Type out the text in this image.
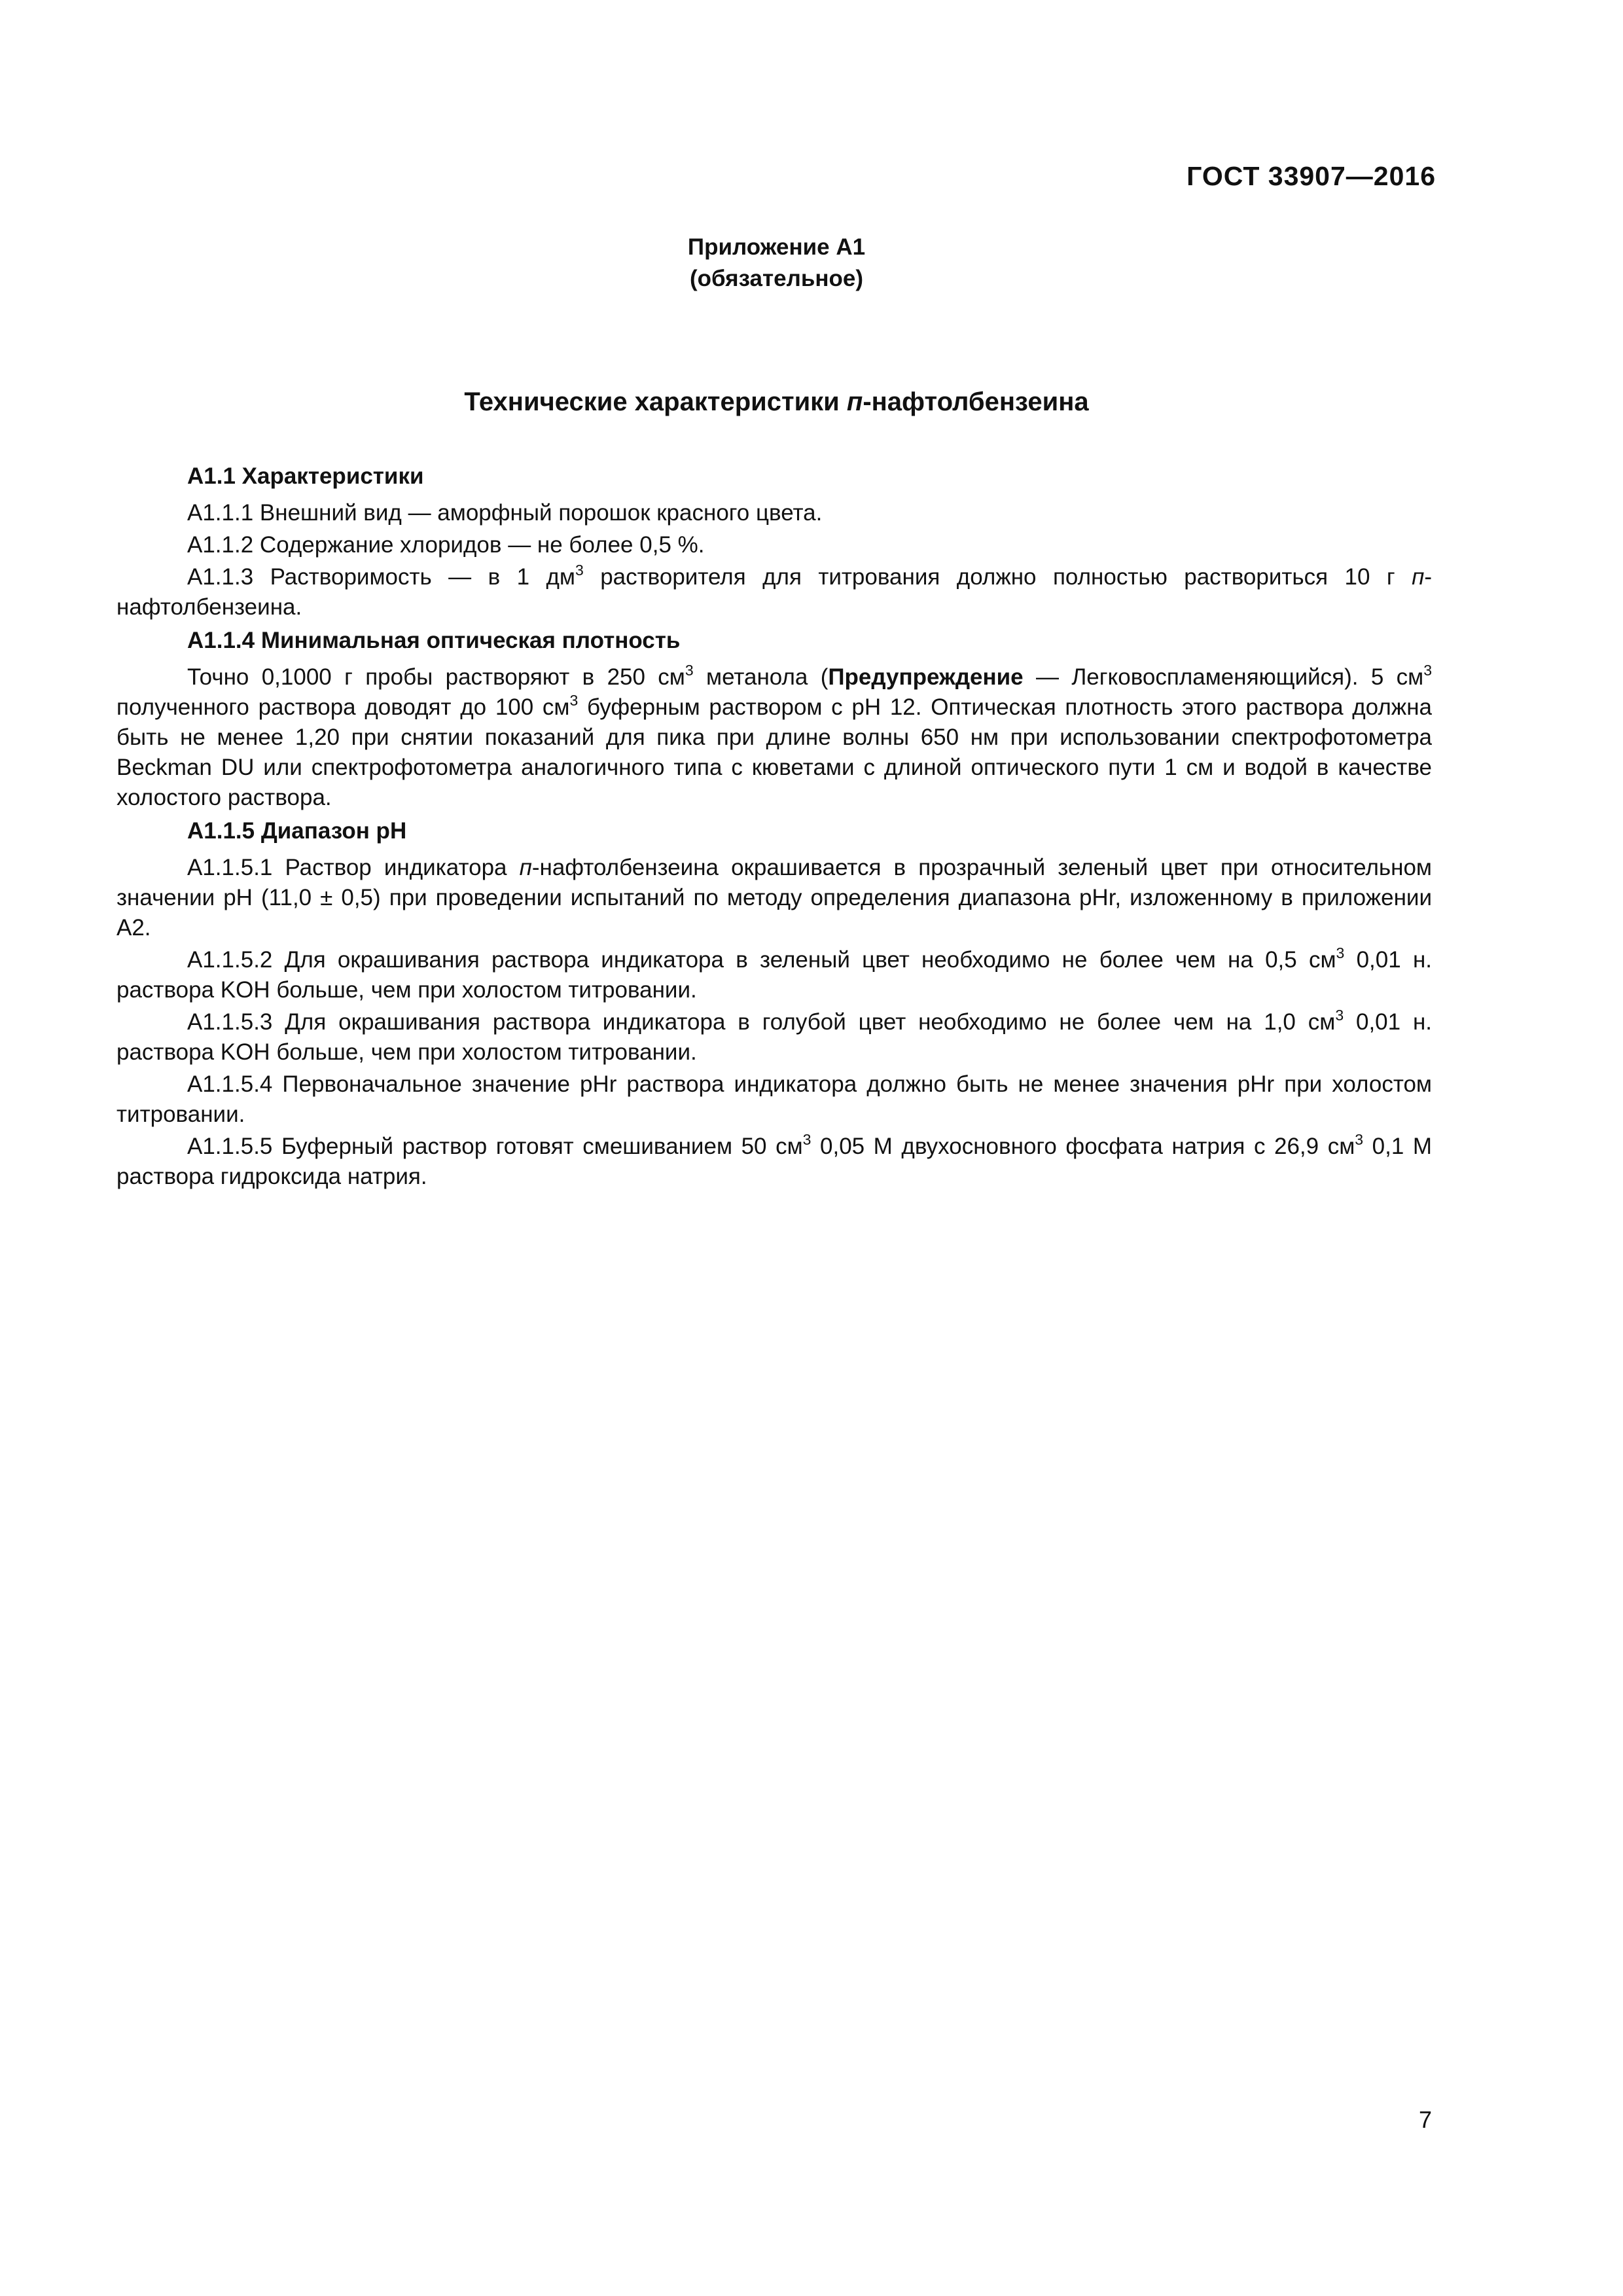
ГОСТ 33907—2016
Приложение А1
(обязательное)
Технические характеристики п-нафтолбензеина
А1.1 Характеристики

А1.1.1 Внешний вид — аморфный порошок красного цвета.

А1.1.2 Содержание хлоридов — не более 0,5 %.

А1.1.3 Растворимость — в 1 $дм^3$ растворителя для титрования должно полностью раствориться 10 г п-нафтолбензеина.

А1.1.4 Минимальная оптическая плотность

Точно 0,1000 г пробы растворяют в 250 $см^3$ метанола (Предупреждение — Легковоспламеняющийся). 5 $см^3$ полученного раствора доводят до 100 $см^3$ буферным раствором с pH 12. Оптическая плотность этого раствора должна быть не менее 1,20 при снятии показаний для пика при длине волны 650 нм при использовании спектрофотометра Beckman DU или спектрофотометра аналогичного типа с кюветами с длиной оптического пути 1 см и водой в качестве холостого раствора.

А1.1.5 Диапазон pH

А1.1.5.1 Раствор индикатора п-нафтолбензеина окрашивается в прозрачный зеленый цвет при относительном значении pH (11,0 ± 0,5) при проведении испытаний по методу определения диапазона pHr, изложенному в приложении А2.

А1.1.5.2 Для окрашивания раствора индикатора в зеленый цвет необходимо не более чем на 0,5 $см^3$ 0,01 н. раствора KOH больше, чем при холостом титровании.

А1.1.5.3 Для окрашивания раствора индикатора в голубой цвет необходимо не более чем на 1,0 $см^3$ 0,01 н. раствора KOH больше, чем при холостом титровании.

А1.1.5.4 Первоначальное значение pHr раствора индикатора должно быть не менее значения pHr при холостом титровании.

А1.1.5.5 Буферный раствор готовят смешиванием 50 $см^3$ 0,05 М двухосновного фосфата натрия с 26,9 $см^3$ 0,1 М раствора гидроксида натрия.

7
